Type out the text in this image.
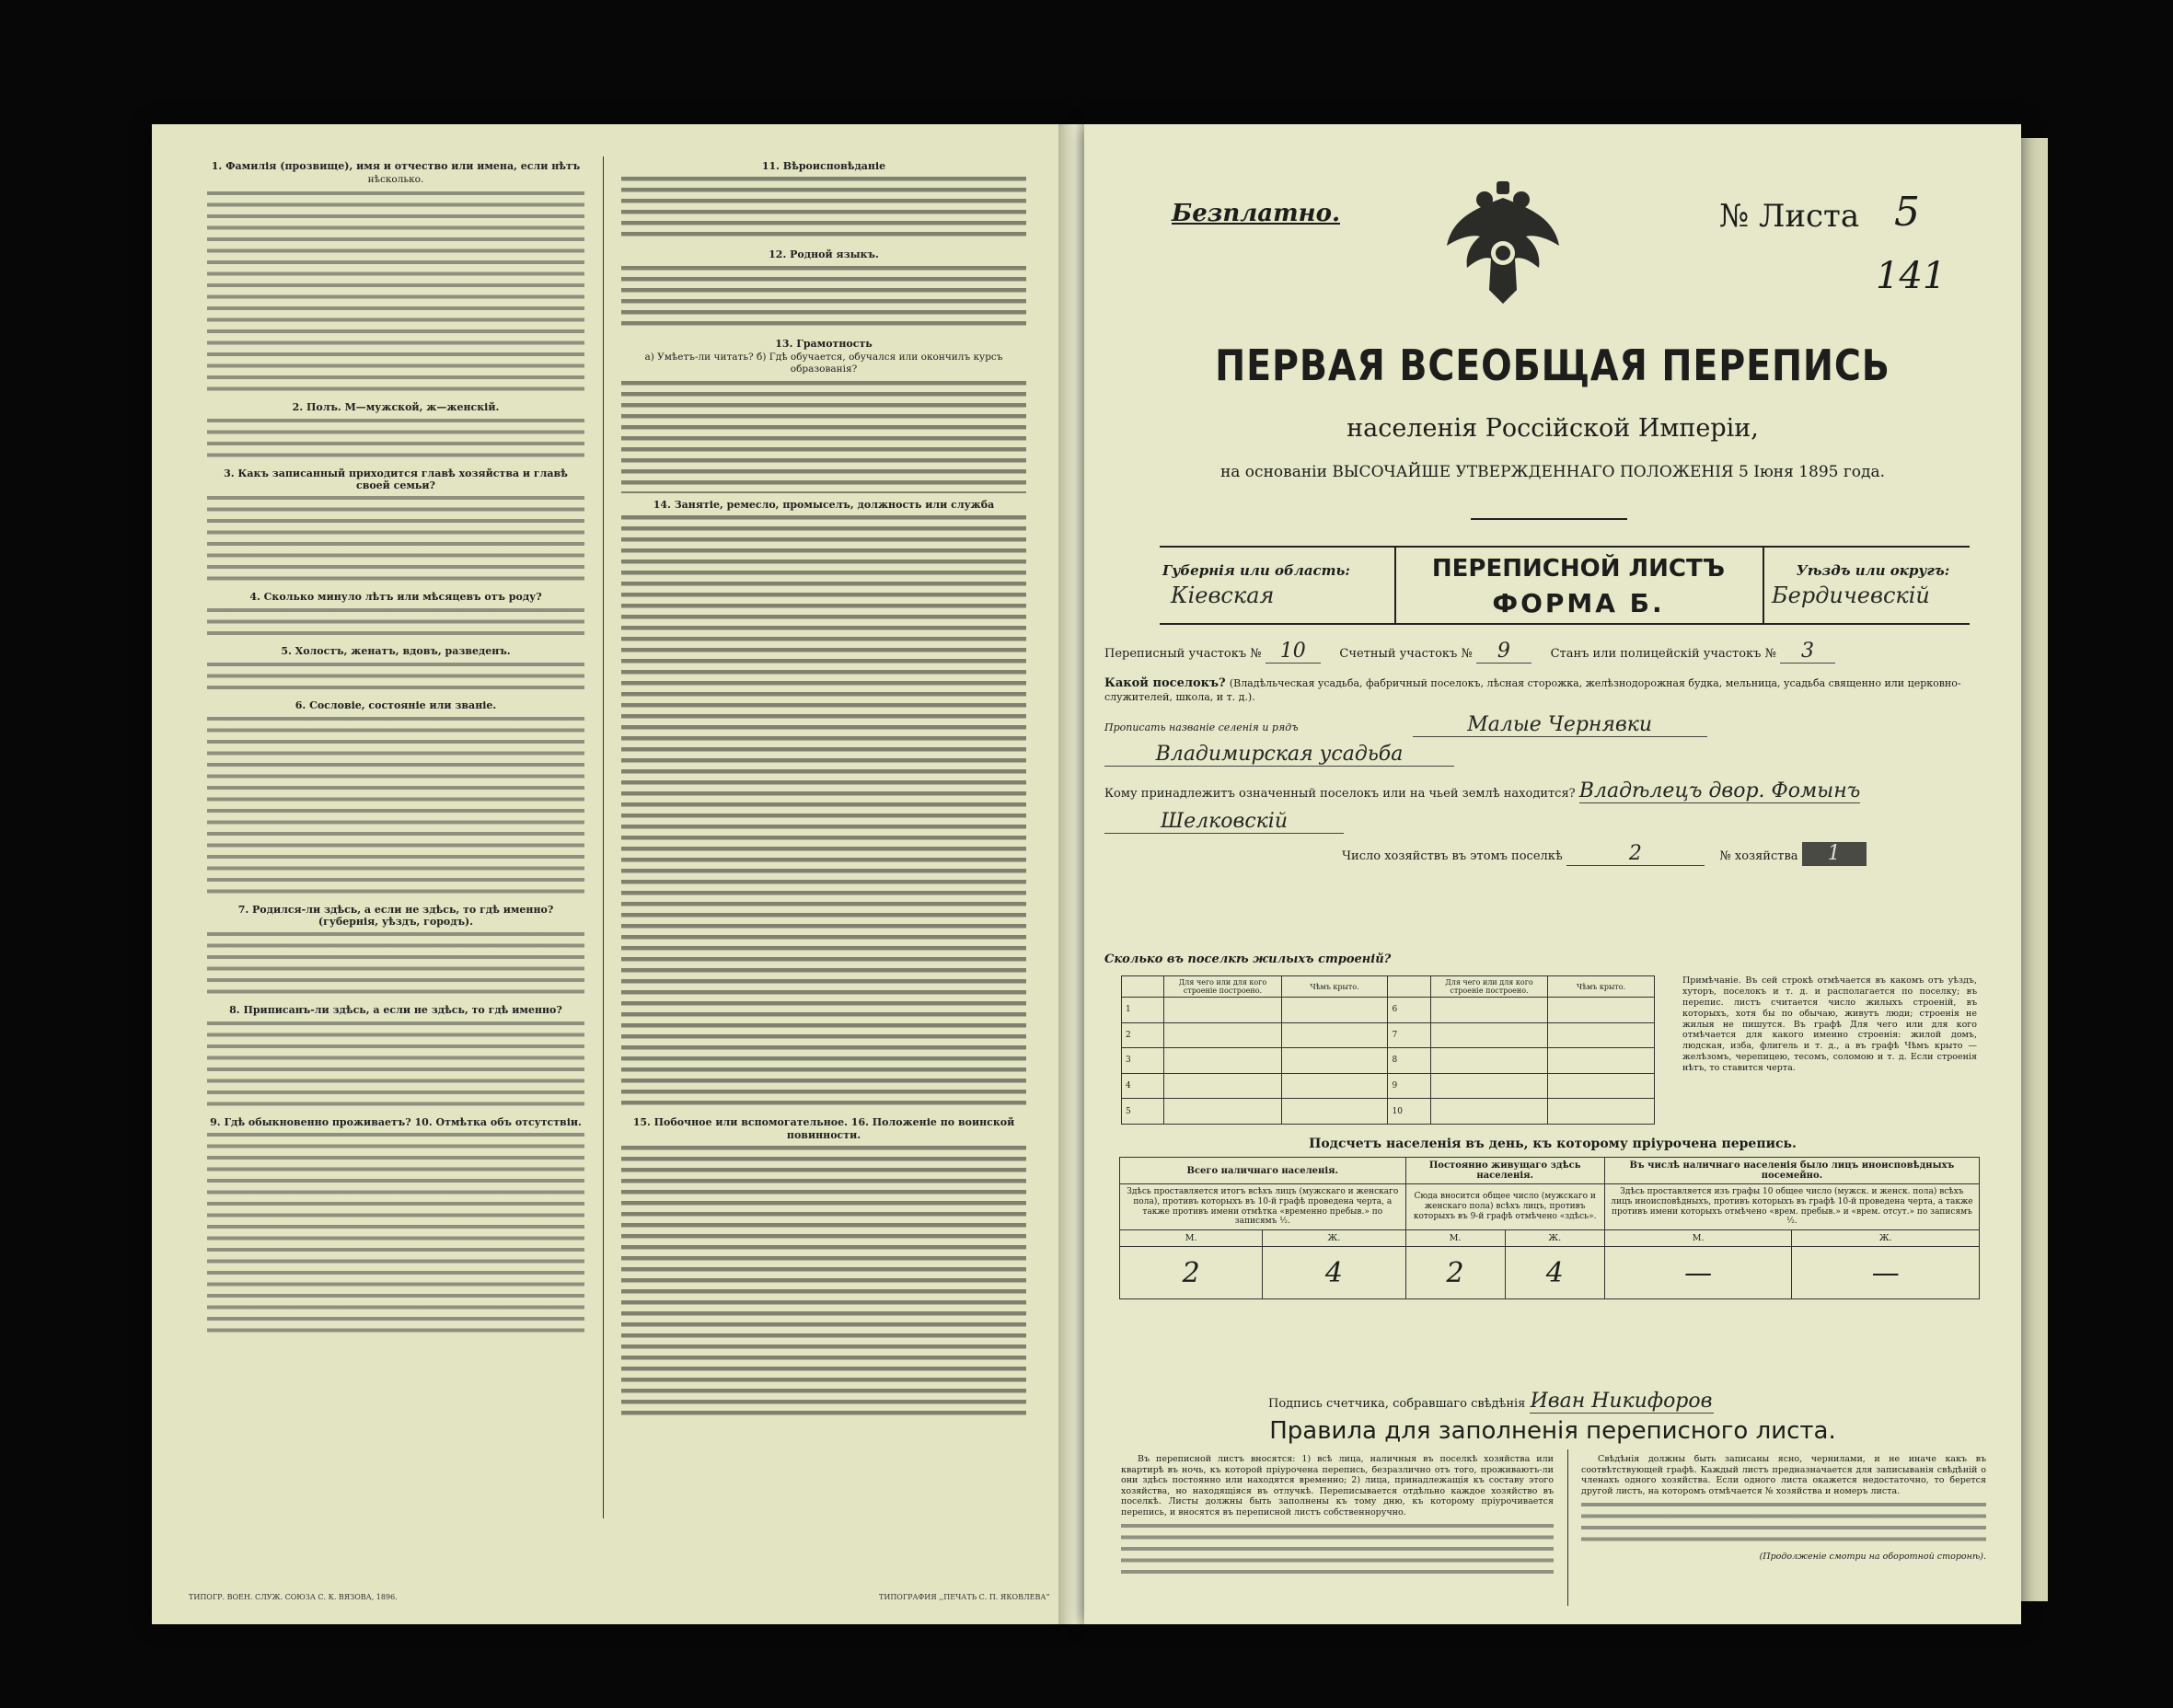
1. Фамилія (прозвище), имя и отчество или имена, если нѣтъ
нѣсколько.
2. Полъ. М—мужской, ж—женскій.
3. Какъ записанный приходится главѣ хозяйства и главѣ своей семьи?
4. Сколько минуло лѣтъ или мѣсяцевъ отъ роду?
5. Холостъ, женатъ, вдовъ, разведенъ.
6. Сословіе, состояніе или званіе.
7. Родился-ли здѣсь, а если не здѣсь, то гдѣ именно? (губернія, уѣздъ, городъ).
8. Приписанъ-ли здѣсь, а если не здѣсь, то гдѣ именно?
9. Гдѣ обыкновенно проживаетъ? 10. Отмѣтка объ отсутствіи.
11. Вѣроисповѣданіе
12. Родной языкъ.
13. Грамотность
а) Умѣетъ-ли читать? б) Гдѣ обучается, обучался или окончилъ курсъ образованія?
14. Занятіе, ремесло, промыселъ, должность или служба
15. Побочное или вспомогательное. 16. Положеніе по воинской повинности.
ТИПОГР. ВОЕН. СЛУЖ. СОЮЗА С. К. ВЯЗОВА, 1896.	ТИПОГРАФИЯ ,,ПЕЧАТЬ С. П. ЯКОВЛЕВА“
Безплатно.	№ Листа 5
141
ПЕРВАЯ ВСЕОБЩАЯ ПЕРЕПИСЬ
населенія Россійской Имперіи,
на основаніи ВЫСОЧАЙШЕ УТВЕРЖДЕННАГО ПОЛОЖЕНІЯ 5 Іюня 1895 года.
Губернія или область:
Кіевская
ПЕРЕПИСНОЙ ЛИСТЪ
ФОРМА Б.
Уѣздъ или округъ:
Бердичевскій
Переписный участокъ № 10	Счетный участокъ № 9	Станъ или полицейскій участокъ № 3
Какой поселокъ? (Владѣльческая усадьба, фабричный поселокъ, лѣсная сторожка, желѣзнодорожная будка, мельница, усадьба священно или церковно-служителей, школа, и т. д.).
Прописать названіе селенія и рядъ	Малые Чернявки
Владимирская усадьба
Кому принадлежитъ означенный поселокъ или на чьей землѣ находится? Владѣлецъ двор. Фомынъ
Шелковскій
Число хозяйствъ въ этомъ поселкѣ	2	№ хозяйства 1
Сколько въ поселкѣ жилыхъ строеній?
	Для чего или для кого строеніе построено.	Чѣмъ крыто.		Для чего или для кого строеніе построено.	Чѣмъ крыто.
1			6		
2			7		
3			8		
4			9		
5			10		
Примѣчаніе. Въ сей строкѣ отмѣчается въ какомъ отъ уѣздъ, хуторъ, поселокъ и т. д. и располагается по поселку; въ перепис. листъ считается число жилыхъ строеній, въ которыхъ, хотя бы по обычаю, живутъ люди; строенія не жилыя не пишутся. Въ графѣ Для чего или для кого отмѣчается для какого именно строенія: жилой домъ, людская, изба, флигель и т. д., а въ графѣ Чѣмъ крыто — желѣзомъ, черепицею, тесомъ, соломою и т. д. Если строенія нѣтъ, то ставится черта.
Подсчетъ населенія въ день, къ которому пріуроченa перепись.
Всего наличнаго населенія.		Постоянно живущаго здѣсь населенія.		Въ числѣ наличнаго населенія было лицъ иноисповѣдныхъ посемейно.	
Здѣсь проставляется итогъ всѣхъ лицъ (мужскаго и женскаго пола), противъ которыхъ въ 10-й графѣ проведена черта, а также противъ имени отмѣтка «временно пребыв.» по записямъ ⅟₂.		Сюда вносится общее число (мужскаго и женскаго пола) всѣхъ лицъ, противъ которыхъ въ 9-й графѣ отмѣчено «здѣсь».		Здѣсь проставляется изъ графы 10 общее число (мужск. и женск. пола) всѣхъ лицъ иноисповѣдныхъ, противъ которыхъ въ графѣ 10-й проведена черта, а также противъ имени которыхъ отмѣчено «врем. пребыв.» и «врем. отсут.» по записямъ ⅟₂.	
М.	Ж.	М.	Ж.	М.	Ж.
2	4	2	4	—	—
Подпись счетчика, собравшаго свѣдѣнія Иван Никифоров
Правила для заполненія переписного листа.
Въ переписной листъ вносятся: 1) всѣ лица, наличныя въ поселкѣ хозяйства или квартирѣ въ ночь, къ которой пріурочена перепись, безразлично отъ того, проживаютъ-ли они здѣсь постоянно или находятся временно; 2) лица, принадлежащія къ составу этого хозяйства, но находящіяся въ отлучкѣ. Переписывается отдѣльно каждое хозяйство въ поселкѣ. Листы должны быть заполнены къ тому дню, къ которому пріурочивается перепись, и вносятся въ переписной листъ собственноручно.
Свѣдѣнія должны быть записаны ясно, чернилами, и не иначе какъ въ соотвѣтствующей графѣ. Каждый листъ предназначается для записыванія свѣдѣній о членахъ одного хозяйства. Если одного листа окажется недостаточно, то берется другой листъ, на которомъ отмѣчается № хозяйства и номеръ листа.
(Продолженіе смотри на оборотной сторонѣ).
